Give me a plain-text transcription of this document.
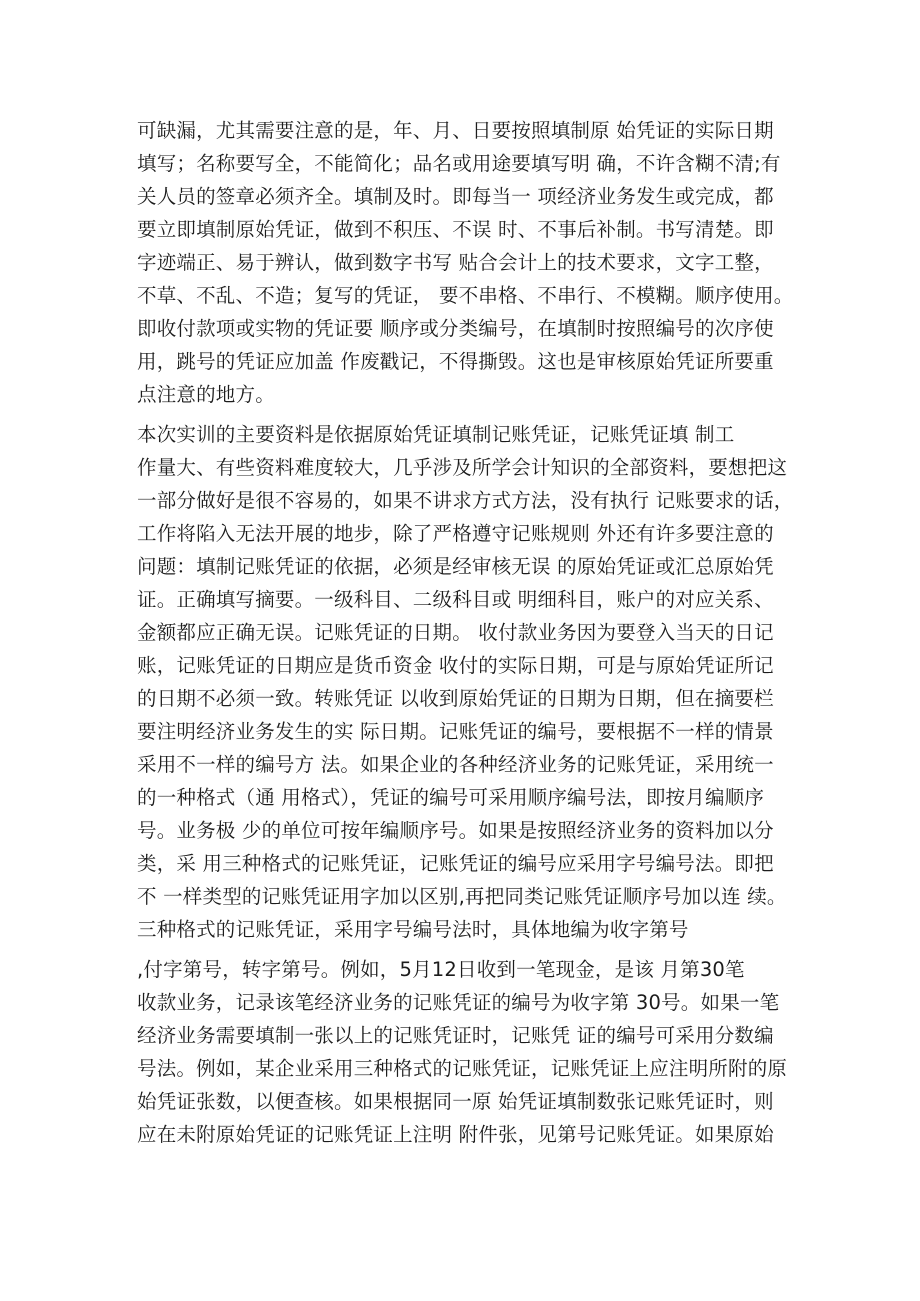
可缺漏，尤其需要注意的是，年、月、日要按照填制原 始凭证的实际日期
填写；名称要写全，不能简化；品名或用途要填写明 确，不许含糊不清;有
关人员的签章必须齐全。填制及时。即每当一 项经济业务发生或完成，都
要立即填制原始凭证，做到不积压、不误 时、不事后补制。书写清楚。即
字迹端正、易于辨认，做到数字书写 贴合会计上的技术要求，文字工整，
不草、不乱、不造；复写的凭证， 要不串格、不串行、不模糊。顺序使用。
即收付款项或实物的凭证要 顺序或分类编号，在填制时按照编号的次序使
用，跳号的凭证应加盖 作废戳记，不得撕毁。这也是审核原始凭证所要重
点注意的地方。
本次实训的主要资料是依据原始凭证填制记账凭证，记账凭证填 制工
作量大、有些资料难度较大，几乎涉及所学会计知识的全部资料，要想把这
一部分做好是很不容易的，如果不讲求方式方法，没有执行 记账要求的话，
工作将陷入无法开展的地步，除了严格遵守记账规则 外还有许多要注意的
问题：填制记账凭证的依据，必须是经审核无误 的原始凭证或汇总原始凭
证。正确填写摘要。一级科目、二级科目或 明细科目，账户的对应关系、
金额都应正确无误。记账凭证的日期。 收付款业务因为要登入当天的日记
账，记账凭证的日期应是货币资金 收付的实际日期，可是与原始凭证所记
的日期不必须一致。转账凭证 以收到原始凭证的日期为日期，但在摘要栏
要注明经济业务发生的实 际日期。记账凭证的编号，要根据不一样的情景
采用不一样的编号方 法。如果企业的各种经济业务的记账凭证，采用统一
的一种格式（通 用格式），凭证的编号可采用顺序编号法，即按月编顺序
号。业务极 少的单位可按年编顺序号。如果是按照经济业务的资料加以分
类，采 用三种格式的记账凭证，记账凭证的编号应采用字号编号法。即把
不 一样类型的记账凭证用字加以区别,再把同类记账凭证顺序号加以连 续。
三种格式的记账凭证，采用字号编号法时，具体地编为收字第号
,付字第号，转字第号。例如，5月12日收到一笔现金，是该 月第30笔
收款业务，记录该笔经济业务的记账凭证的编号为收字第 30号。如果一笔
经济业务需要填制一张以上的记账凭证时，记账凭 证的编号可采用分数编
号法。例如，某企业采用三种格式的记账凭证，记账凭证上应注明所附的原
始凭证张数，以便查核。如果根据同一原 始凭证填制数张记账凭证时，则
应在未附原始凭证的记账凭证上注明 附件张，见第号记账凭证。如果原始
